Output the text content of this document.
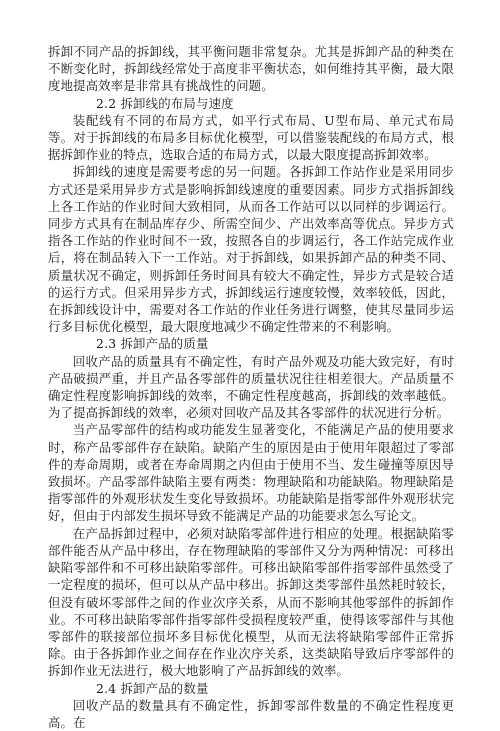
拆卸不同产品的拆卸线，其平衡问题非常复杂。尤其是拆卸产品的种类在不断变化时，拆卸线经常处于高度非平衡状态，如何维持其平衡，最大限度地提高效率是非常具有挑战性的问题。

2.2 拆卸线的布局与速度

装配线有不同的布局方式，如平行式布局、U型布局、单元式布局等。对于拆卸线的布局多目标优化模型，可以借鉴装配线的布局方式，根据拆卸作业的特点，选取合适的布局方式，以最大限度提高拆卸效率。

拆卸线的速度是需要考虑的另一问题。各拆卸工作站作业是采用同步方式还是采用异步方式是影响拆卸线速度的重要因素。同步方式指拆卸线上各工作站的作业时间大致相同，从而各工作站可以以同样的步调运行。同步方式具有在制品库存少、所需空间少、产出效率高等优点。异步方式指各工作站的作业时间不一致，按照各自的步调运行，各工作站完成作业后，将在制品转入下一工作站。对于拆卸线，如果拆卸产品的种类不同、质量状况不确定，则拆卸任务时间具有较大不确定性，异步方式是较合适的运行方式。但采用异步方式，拆卸线运行速度较慢，效率较低，因此，在拆卸线设计中，需要对各工作站的作业任务进行调整，使其尽量同步运行多目标优化模型，最大限度地减少不确定性带来的不利影响。

2.3 拆卸产品的质量

回收产品的质量具有不确定性，有时产品外观及功能大致完好，有时产品破损严重，并且产品各零部件的质量状况往往相差很大。产品质量不确定性程度影响拆卸线的效率，不确定性程度越高，拆卸线的效率越低。为了提高拆卸线的效率，必须对回收产品及其各零部件的状况进行分析。

当产品零部件的结构或功能发生显著变化，不能满足产品的使用要求时，称产品零部件存在缺陷。缺陷产生的原因是由于使用年限超过了零部件的寿命周期，或者在寿命周期之内但由于使用不当、发生碰撞等原因导致损坏。产品零部件缺陷主要有两类：物理缺陷和功能缺陷。物理缺陷是指零部件的外观形状发生变化导致损坏。功能缺陷是指零部件外观形状完好，但由于内部发生损坏导致不能满足产品的功能要求怎么写论文。

在产品拆卸过程中，必须对缺陷零部件进行相应的处理。根据缺陷零部件能否从产品中移出，存在物理缺陷的零部件又分为两种情况：可移出缺陷零部件和不可移出缺陷零部件。可移出缺陷零部件指零部件虽然受了一定程度的损坏，但可以从产品中移出。拆卸这类零部件虽然耗时较长，但没有破坏零部件之间的作业次序关系，从而不影响其他零部件的拆卸作业。不可移出缺陷零部件指零部件受损程度较严重，使得该零部件与其他零部件的联接部位损坏多目标优化模型，从而无法将缺陷零部件正常拆除。由于各拆卸作业之间存在作业次序关系，这类缺陷导致后序零部件的拆卸作业无法进行，极大地影响了产品拆卸线的效率。

2.4 拆卸产品的数量

回收产品的数量具有不确定性，拆卸零部件数量的不确定性程度更高。在
